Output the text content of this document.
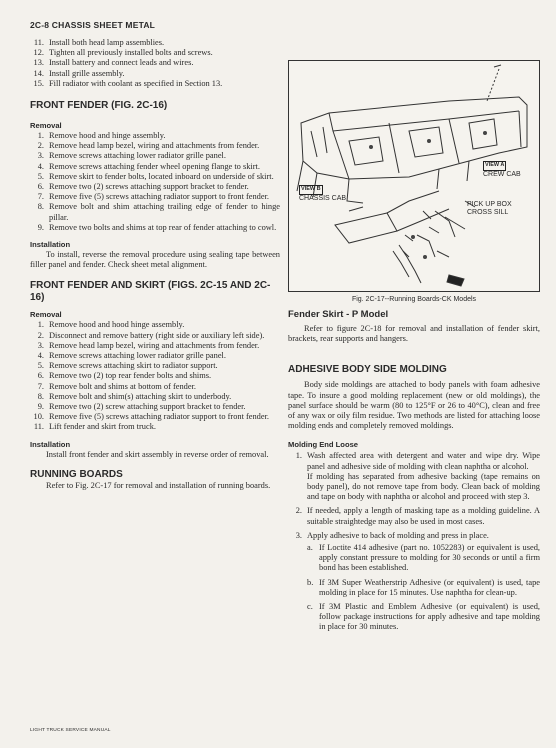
2C-8 CHASSIS SHEET METAL
11. Install both head lamp assemblies.
12. Tighten all previously installed bolts and screws.
13. Install battery and connect leads and wires.
14. Install grille assembly.
15. Fill radiator with coolant as specified in Section 13.
FRONT FENDER (FIG. 2C-16)
Removal
1. Remove hood and hinge assembly.
2. Remove head lamp bezel, wiring and attachments from fender.
3. Remove screws attaching lower radiator grille panel.
4. Remove screws attaching fender wheel opening flange to skirt.
5. Remove skirt to fender bolts, located inboard on underside of skirt.
6. Remove two (2) screws attaching support bracket to fender.
7. Remove five (5) screws attaching radiator support to front fender.
8. Remove bolt and shim attaching trailing edge of fender to hinge pillar.
9. Remove two bolts and shims at top rear of fender attaching to cowl.
Installation

To install, reverse the removal procedure using sealing tape between filler panel and fender. Check sheet metal alignment.

FRONT FENDER AND SKIRT (FIGS. 2C-15 AND 2C-16)
Removal
1. Remove hood and hood hinge assembly.
2. Disconnect and remove battery (right side or auxiliary left side).
3. Remove head lamp bezel, wiring and attachments from fender.
4. Remove screws attaching lower radiator grille panel.
5. Remove screws attaching skirt to radiator support.
6. Remove two (2) top rear fender bolts and shims.
7. Remove bolt and shims at bottom of fender.
8. Remove bolt and shim(s) attaching skirt to underbody.
9. Remove two (2) screw attaching support bracket to fender.
10. Remove five (5) screws attaching radiator support to front fender.
11. Lift fender and skirt from truck.
Installation

Install front fender and skirt assembly in reverse order of removal.

RUNNING BOARDS

Refer to Fig. 2C-17 for removal and installation of running boards.

VIEW A
CREW CAB
VIEW B
CHASSIS CAB
PICK UP BOX
CROSS SILL
Fig. 2C-17--Running Boards-CK Models
Fender Skirt - P Model

Refer to figure 2C-18 for removal and installation of fender skirt, brackets, rear supports and hangers.

ADHESIVE BODY SIDE MOLDING

Body side moldings are attached to body panels with foam adhesive tape. To insure a good molding replacement (new or old moldings), the panel surface should be warm (80 to 125°F or 26 to 40°C), clean and free of any wax or oily film residue. Two methods are listed for attaching loose molding ends and completely removed moldings.

Molding End Loose
1. Wash affected area with detergent and water and wipe dry. Wipe panel and adhesive side of molding with clean naphtha or alcohol.
If molding has separated from adhesive backing (tape remains on body panel), do not remove tape from body. Clean back of molding and tape on body with naphtha or alcohol and proceed with step 3.
2. If needed, apply a length of masking tape as a molding guideline. A suitable straightedge may also be used in most cases.
3. Apply adhesive to back of molding and press in place.
a. If Loctite 414 adhesive (part no. 1052283) or equivalent is used, apply constant pressure to molding for 30 seconds or until a firm bond has been established.
b. If 3M Super Weatherstrip Adhesive (or equivalent) is used, tape molding in place for 15 minutes. Use naphtha for clean-up.
c. If 3M Plastic and Emblem Adhesive (or equivalent) is used, follow package instructions for apply adhesive and tape molding in place for 30 minutes.
LIGHT TRUCK SERVICE MANUAL
